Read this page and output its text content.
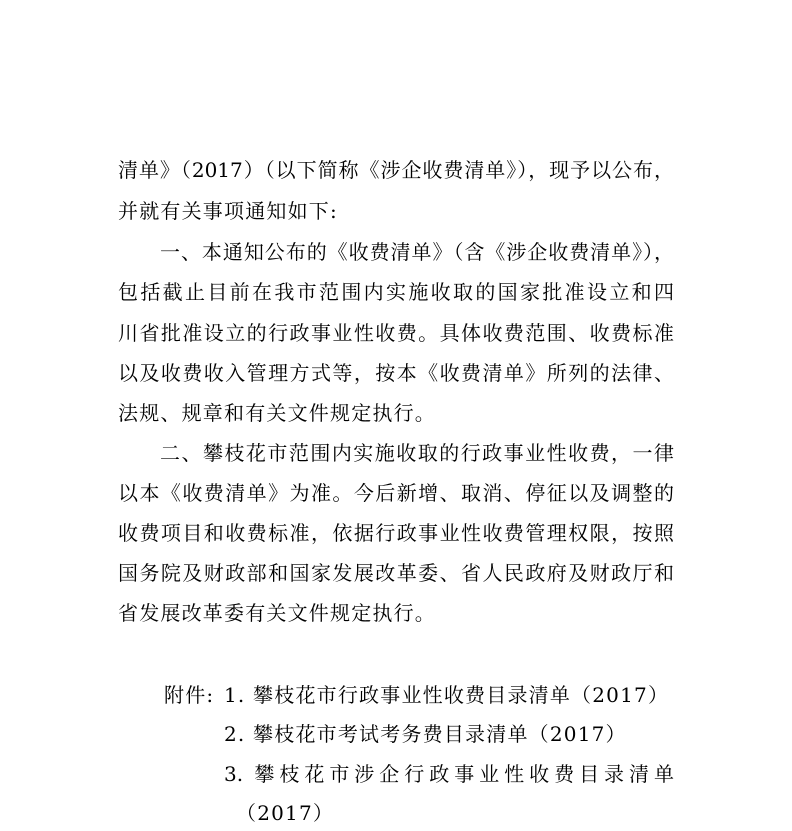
清单》（2017）（以下简称《涉企收费清单》），现予以公布，
并就有关事项通知如下:
一、本通知公布的《收费清单》（含《涉企收费清单》），
包括截止目前在我市范围内实施收取的国家批准设立和四
川省批准设立的行政事业性收费。具体收费范围、收费标准
以及收费收入管理方式等，按本《收费清单》所列的法律、
法规、规章和有关文件规定执行。
二、攀枝花市范围内实施收取的行政事业性收费，一律
以本《收费清单》为准。今后新增、取消、停征以及调整的
收费项目和收费标准，依据行政事业性收费管理权限，按照
国务院及财政部和国家发展改革委、省人民政府及财政厅和
省发展改革委有关文件规定执行。
附件: 1. 攀枝花市行政事业性收费目录清单（2017）
2. 攀枝花市考试考务费目录清单（2017）
3. 攀枝花市涉企行政事业性收费目录清单
（2017）
